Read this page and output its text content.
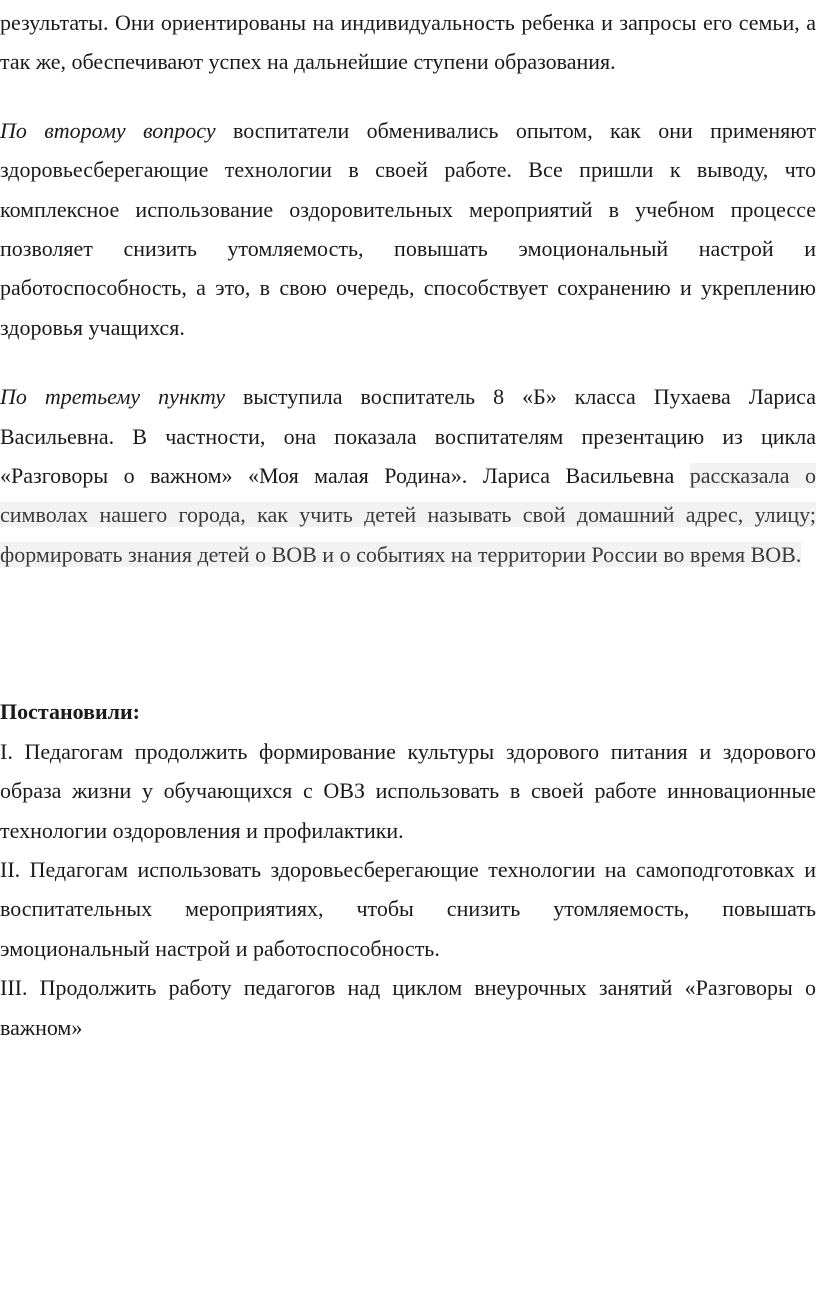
результаты. Они ориентированы на индивидуальность ребенка и запросы его семьи, а так же, обеспечивают успех на дальнейшие ступени образования.

По второму вопросу воспитатели обменивались опытом, как они применяют здоровьесберегающие технологии в своей работе. Все пришли к выводу, что комплексное использование оздоровительных мероприятий в учебном процессе позволяет снизить утомляемость, повышать эмоциональный настрой и работоспособность, а это, в свою очередь, способствует сохранению и укреплению здоровья учащихся.

По третьему пункту выступила воспитатель 8 «Б» класса Пухаева Лариса Васильевна. В частности, она показала воспитателям презентацию из цикла «Разговоры о важном» «Моя малая Родина». Лариса Васильевна рассказала о символах нашего города, как учить детей называть свой домашний адрес, улицу; формировать знания детей о ВОВ и о событиях на территории России во время ВОВ.

Постановили:

I. Педагогам продолжить формирование культуры здорового питания и здорового образа жизни у обучающихся с ОВЗ использовать в своей работе инновационные технологии оздоровления и профилактики.

II. Педагогам использовать здоровьесберегающие технологии на самоподготовках и воспитательных мероприятиях, чтобы снизить утомляемость, повышать эмоциональный настрой и работоспособность.

III. Продолжить работу педагогов над циклом внеурочных занятий «Разговоры о важном»
